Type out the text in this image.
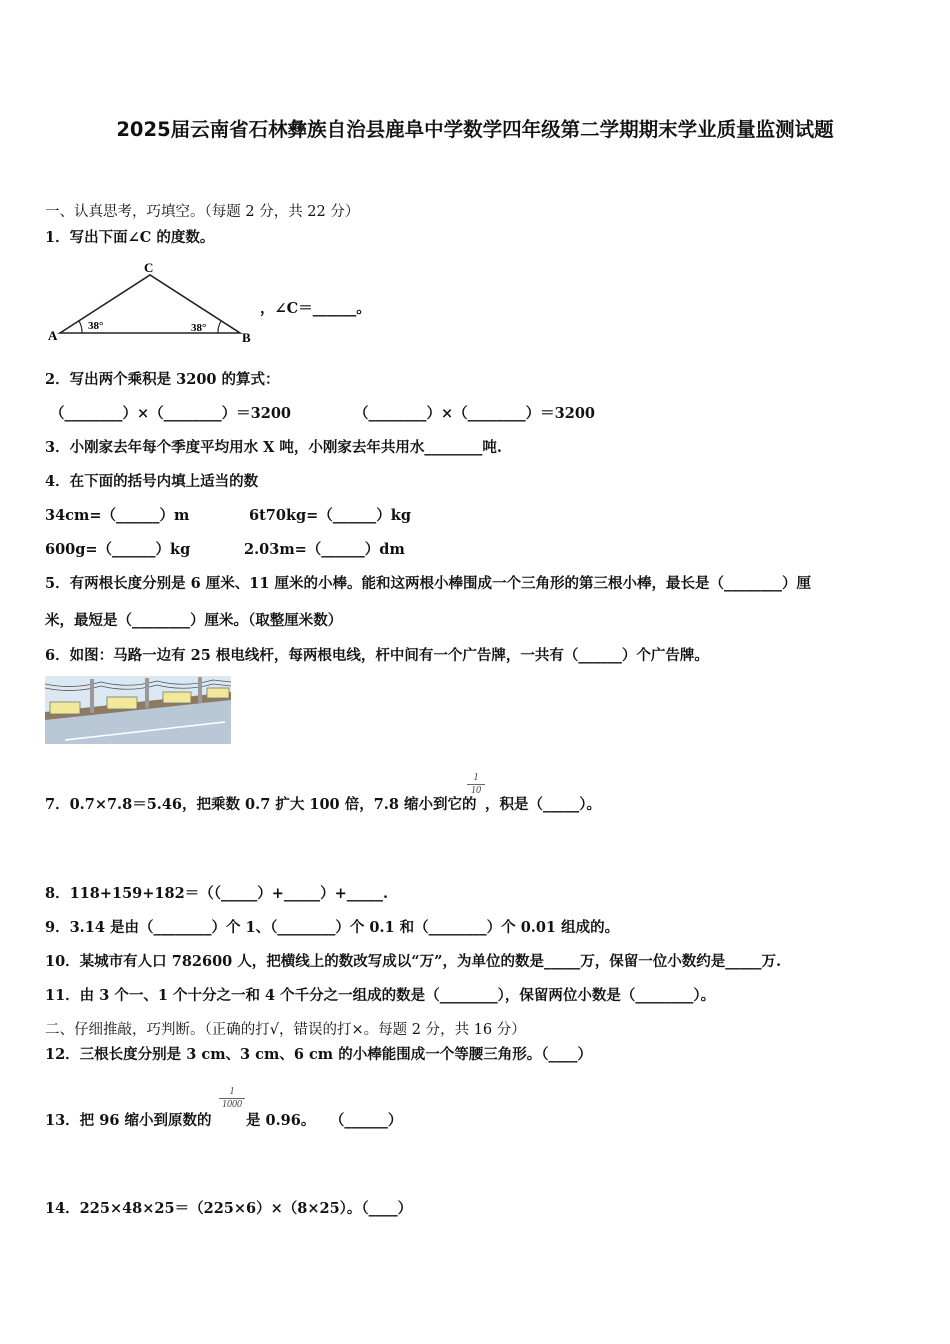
2025届云南省石林彝族自治县鹿阜中学数学四年级第二学期期末学业质量监测试题
一、认真思考，巧填空。（每题 2 分，共 22 分）
1．写出下面∠C 的度数。
C
A	B
38°	38°
，∠C＝______。
2．写出两个乘积是 3200 的算式：
（________）×（________）＝3200	（________）×（________）＝3200
3．小刚家去年每个季度平均用水 X 吨，小刚家去年共用水________吨.
4．在下面的括号内填上适当的数
34cm=（______）m	6t70kg=（______）kg
600g=（______）kg	2.03m=（______）dm
5．有两根长度分别是 6 厘米、11 厘米的小棒。能和这两根小棒围成一个三角形的第三根小棒，最长是（________）厘
米，最短是（________）厘米。（取整厘米数）
6．如图：马路一边有 25 根电线杆，每两根电线，杆中间有一个广告牌，一共有（______）个广告牌。
7．0.7×7.8＝5.46，把乘数 0.7 扩大 100 倍，7.8 缩小到它的
$\frac{1}{10}$
，积是（_____）。
8．118+159+182＝（（_____）+_____）+_____.
9．3.14 是由（________）个 1、（________）个 0.1 和（________）个 0.01 组成的。
10．某城市有人口 782600 人，把横线上的数改写成以“万”，为单位的数是_____万，保留一位小数约是_____万.
11．由 3 个一、1 个十分之一和 4 个千分之一组成的数是（________），保留两位小数是（________）。
二、仔细推敲，巧判断。（正确的打√，错误的打×。每题 2 分，共 16 分）
12．三根长度分别是 3 cm、3 cm、6 cm 的小棒能围成一个等腰三角形。（____）
13．把 96 缩小到原数的
$\frac{1}{1000}$
是 0.96。　　（______）
14．225×48×25＝（225×6）×（8×25）。（____）
